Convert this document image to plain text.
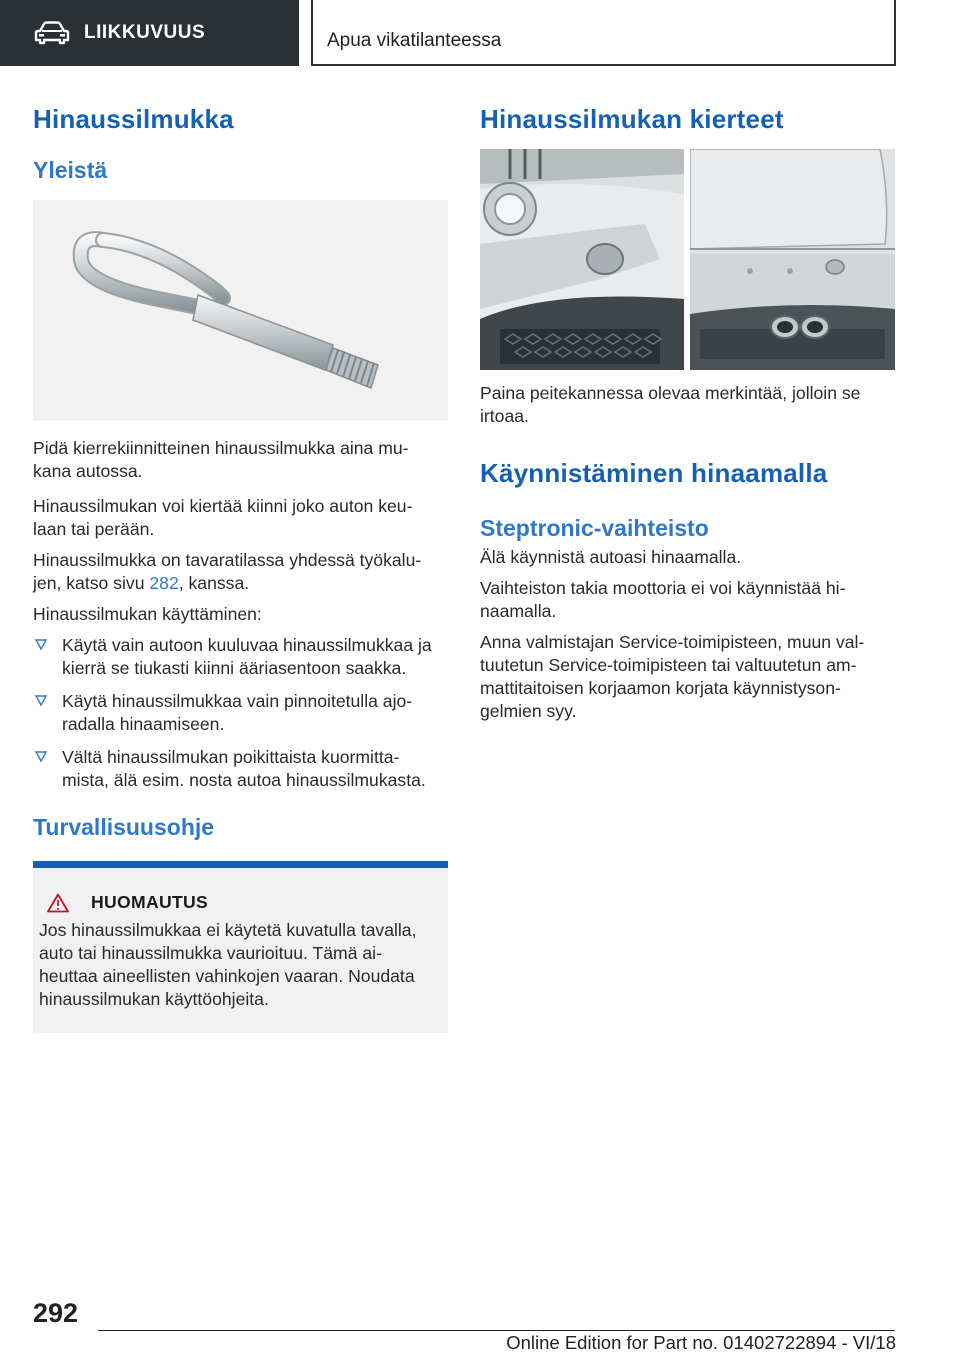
LIIKKUVUUS	Apua vikatilanteessa
Hinaussilmukka
Yleistä

Pidä kierrekiinnitteinen hinaussilmukka aina mu- kana autossa.

Hinaussilmukan voi kiertää kiinni joko auton keu- laan tai perään.

Hinaussilmukka on tavaratilassa yhdessä työkalu- jen, katso sivu 282, kanssa.

Hinaussilmukan käyttäminen:

Käytä vain autoon kuuluvaa hinaussilmukkaa ja kierrä se tiukasti kiinni ääriasentoon saakka.
Käytä hinaussilmukkaa vain pinnoitetulla ajo- radalla hinaamiseen.
Vältä hinaussilmukan poikittaista kuormitta- mista, älä esim. nosta autoa hinaussilmukasta.
Turvallisuusohje
HUOMAUTUS

Jos hinaussilmukkaa ei käytetä kuvatulla tavalla, auto tai hinaussilmukka vaurioituu. Tämä ai- heuttaa aineellisten vahinkojen vaaran. Noudata hinaussilmukan käyttöohjeita.

Hinaussilmukan kierteet

Paina peitekannessa olevaa merkintää, jolloin se irtoaa.

Käynnistäminen hinaamalla
Steptronic-vaihteisto

Älä käynnistä autoasi hinaamalla.

Vaihteiston takia moottoria ei voi käynnistää hi- naamalla.

Anna valmistajan Service-toimipisteen, muun val- tuutetun Service-toimipisteen tai valtuutetun am- mattitaitoisen korjaamon korjata käynnistyson- gelmien syy.

292
Online Edition for Part no. 01402722894 - VI/18
